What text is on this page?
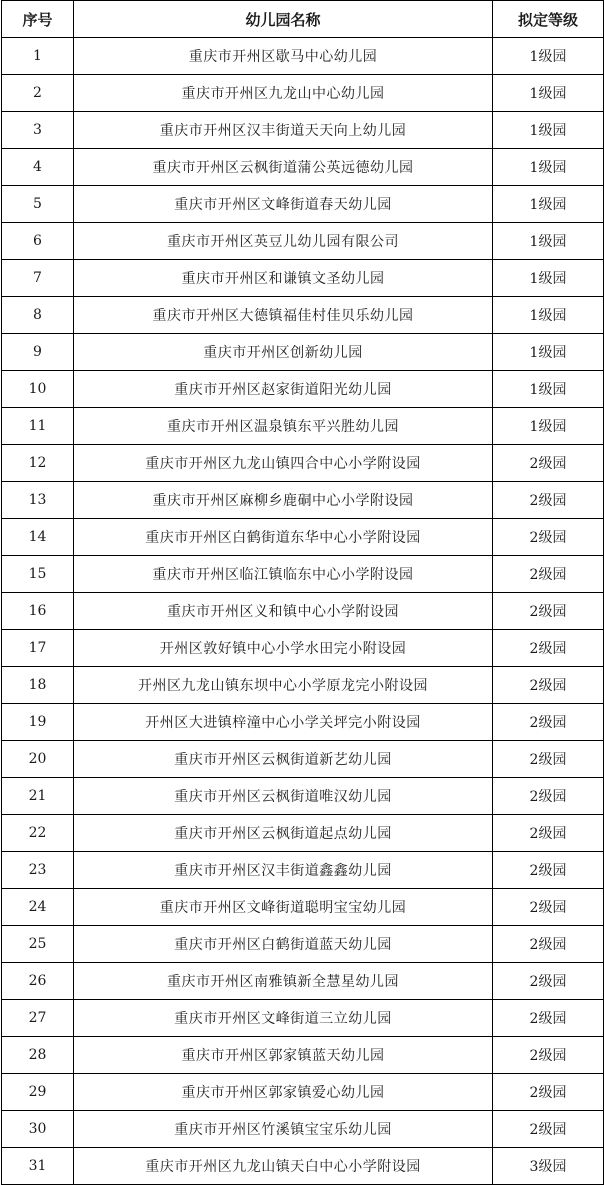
序号	幼儿园名称	拟定等级
1	重庆市开州区歇马中心幼儿园	1级园
2	重庆市开州区九龙山中心幼儿园	1级园
3	重庆市开州区汉丰街道天天向上幼儿园	1级园
4	重庆市开州区云枫街道蒲公英远德幼儿园	1级园
5	重庆市开州区文峰街道春天幼儿园	1级园
6	重庆市开州区英豆儿幼儿园有限公司	1级园
7	重庆市开州区和谦镇文圣幼儿园	1级园
8	重庆市开州区大德镇福佳村佳贝乐幼儿园	1级园
9	重庆市开州区创新幼儿园	1级园
10	重庆市开州区赵家街道阳光幼儿园	1级园
11	重庆市开州区温泉镇东平兴胜幼儿园	1级园
12	重庆市开州区九龙山镇四合中心小学附设园	2级园
13	重庆市开州区麻柳乡鹿硐中心小学附设园	2级园
14	重庆市开州区白鹤街道东华中心小学附设园	2级园
15	重庆市开州区临江镇临东中心小学附设园	2级园
16	重庆市开州区义和镇中心小学附设园	2级园
17	开州区敦好镇中心小学水田完小附设园	2级园
18	开州区九龙山镇东坝中心小学原龙完小附设园	2级园
19	开州区大进镇梓潼中心小学关坪完小附设园	2级园
20	重庆市开州区云枫街道新艺幼儿园	2级园
21	重庆市开州区云枫街道唯汉幼儿园	2级园
22	重庆市开州区云枫街道起点幼儿园	2级园
23	重庆市开州区汉丰街道鑫鑫幼儿园	2级园
24	重庆市开州区文峰街道聪明宝宝幼儿园	2级园
25	重庆市开州区白鹤街道蓝天幼儿园	2级园
26	重庆市开州区南雅镇新全慧星幼儿园	2级园
27	重庆市开州区文峰街道三立幼儿园	2级园
28	重庆市开州区郭家镇蓝天幼儿园	2级园
29	重庆市开州区郭家镇爱心幼儿园	2级园
30	重庆市开州区竹溪镇宝宝乐幼儿园	2级园
31	重庆市开州区九龙山镇天白中心小学附设园	3级园
